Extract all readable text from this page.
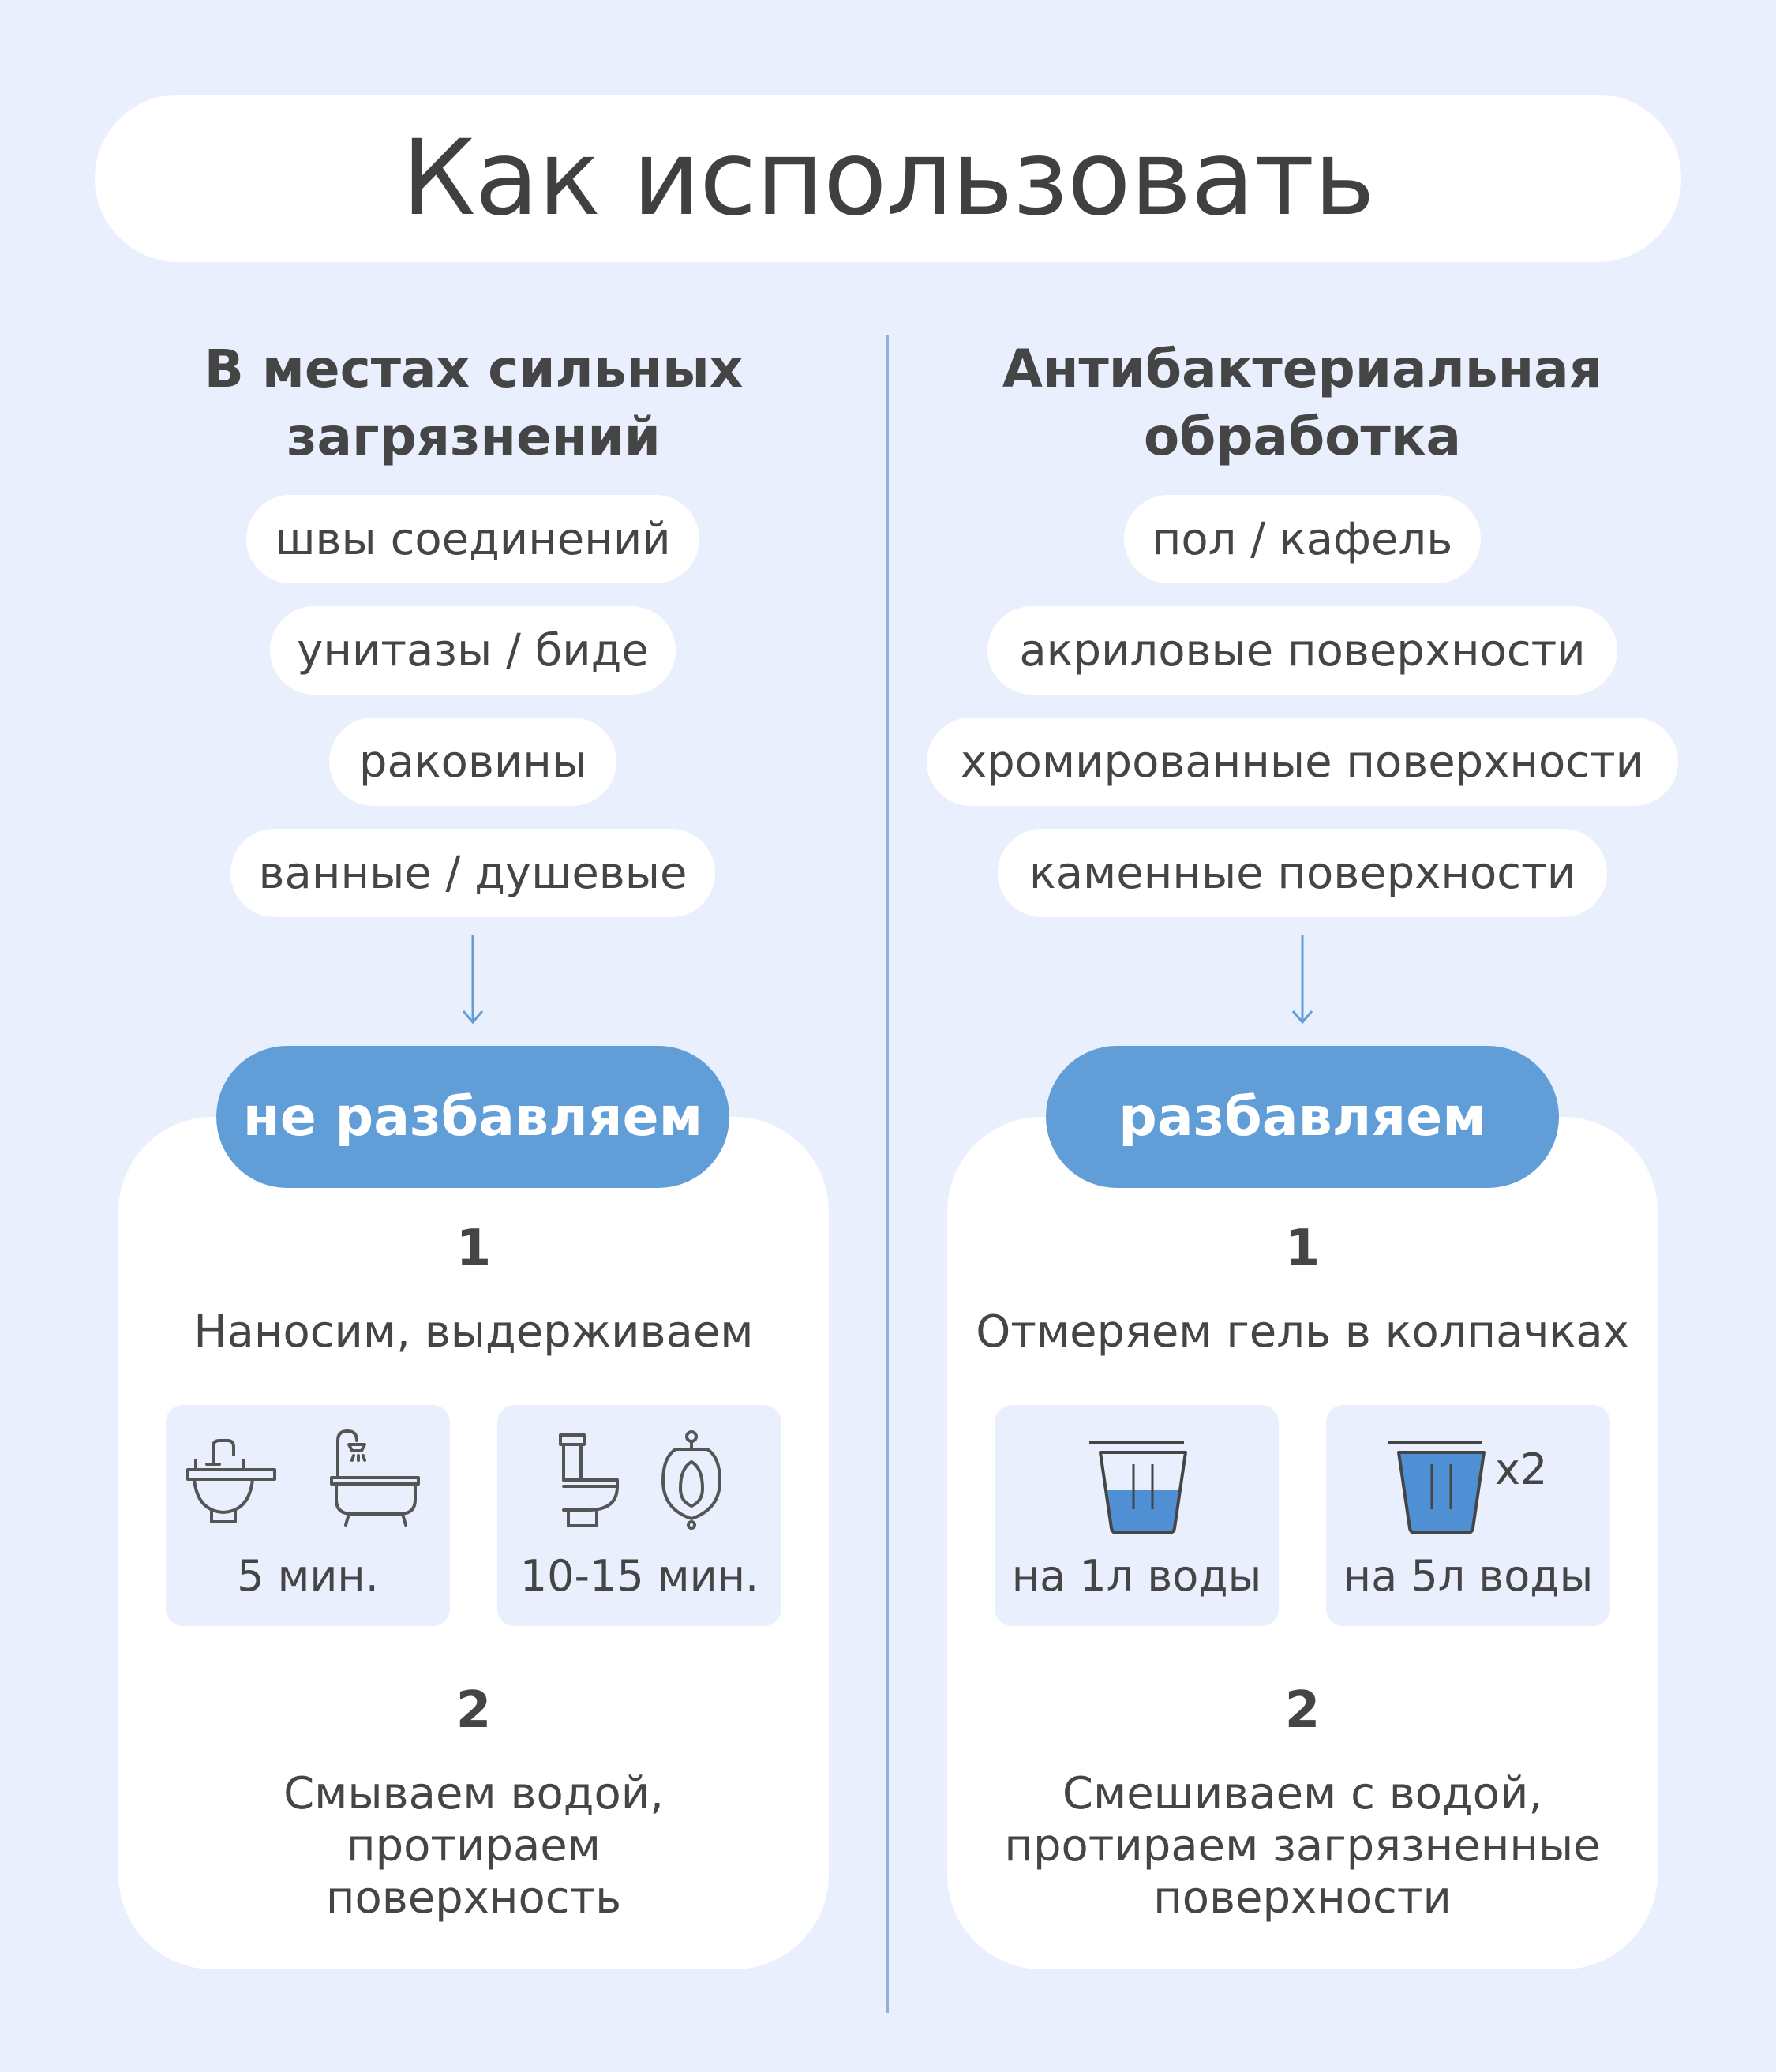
Как использовать
В местах сильных
загрязнений
швы соединений
унитазы / биде
раковины
ванные / душевые
не разбавляем
1
Наносим, выдерживаем
5 мин.	10-15 мин.
2
Смываем водой,
протираем
поверхность
Антибактериальная
обработка
пол / кафель
акриловые поверхности
хромированные поверхности
каменные поверхности
разбавляем
1
Отмеряем гель в колпачках
на 1л воды
x2
на 5л воды
2
Смешиваем с водой,
протираем загрязненные
поверхности
